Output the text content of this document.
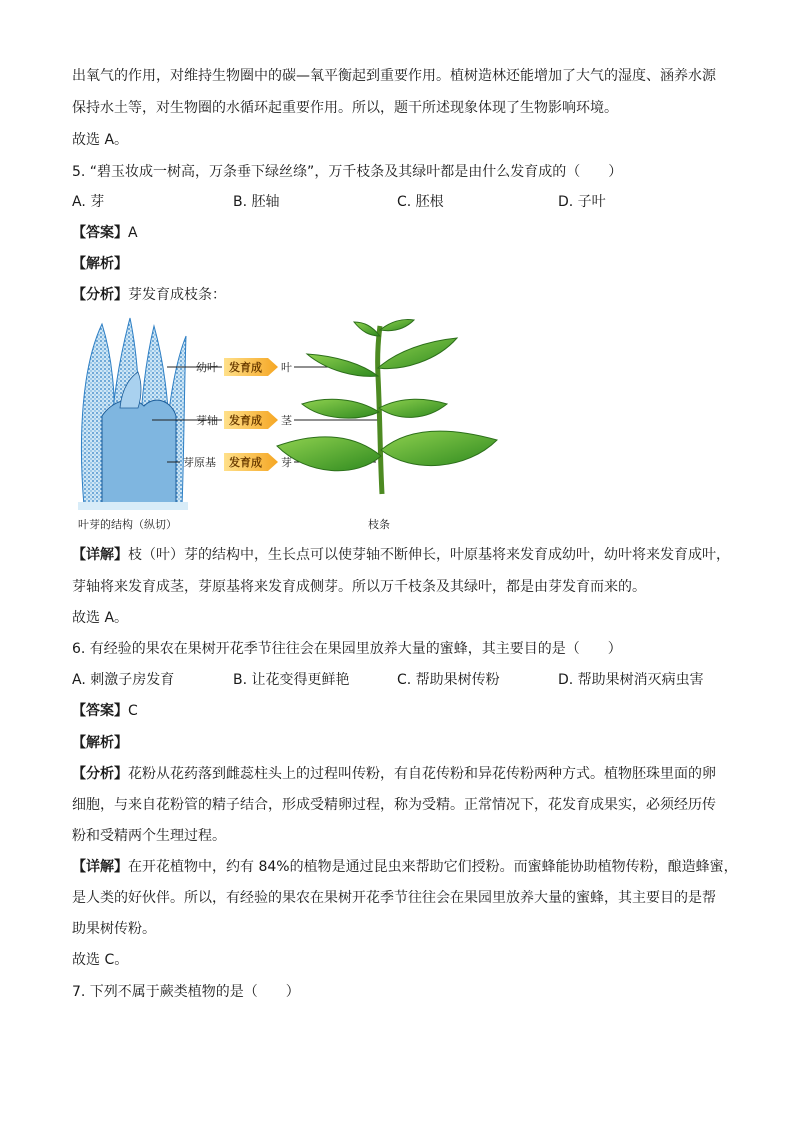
出氧气的作用，对维持生物圈中的碳—氧平衡起到重要作用。植树造林还能增加了大气的湿度、涵养水源
保持水土等，对生物圈的水循环起重要作用。所以，题干所述现象体现了生物影响环境。
故选 A。
5. “碧玉妆成一树高，万条垂下绿丝绦”，万千枝条及其绿叶都是由什么发育成的（　　）
A. 芽	B. 胚轴	C. 胚根	D. 子叶
【答案】A
【解析】
【分析】芽发育成枝条：
幼叶
芽轴
芽原基
发育成
发育成
发育成
叶
茎
芽
叶芽的结构（纵切）	枝条
【详解】枝（叶）芽的结构中，生长点可以使芽轴不断伸长，叶原基将来发育成幼叶，幼叶将来发育成叶，
芽轴将来发育成茎，芽原基将来发育成侧芽。所以万千枝条及其绿叶，都是由芽发育而来的。
故选 A。
6. 有经验的果农在果树开花季节往往会在果园里放养大量的蜜蜂，其主要目的是（　　）
A. 刺激子房发育	B. 让花变得更鲜艳	C. 帮助果树传粉	D. 帮助果树消灭病虫害
【答案】C
【解析】
【分析】花粉从花药落到雌蕊柱头上的过程叫传粉，有自花传粉和异花传粉两种方式。植物胚珠里面的卵
细胞，与来自花粉管的精子结合，形成受精卵过程，称为受精。正常情况下，花发育成果实，必须经历传
粉和受精两个生理过程。
【详解】在开花植物中，约有 84%的植物是通过昆虫来帮助它们授粉。而蜜蜂能协助植物传粉，酿造蜂蜜，
是人类的好伙伴。所以，有经验的果农在果树开花季节往往会在果园里放养大量的蜜蜂，其主要目的是帮
助果树传粉。
故选 C。
7. 下列不属于蕨类植物的是（　　）
